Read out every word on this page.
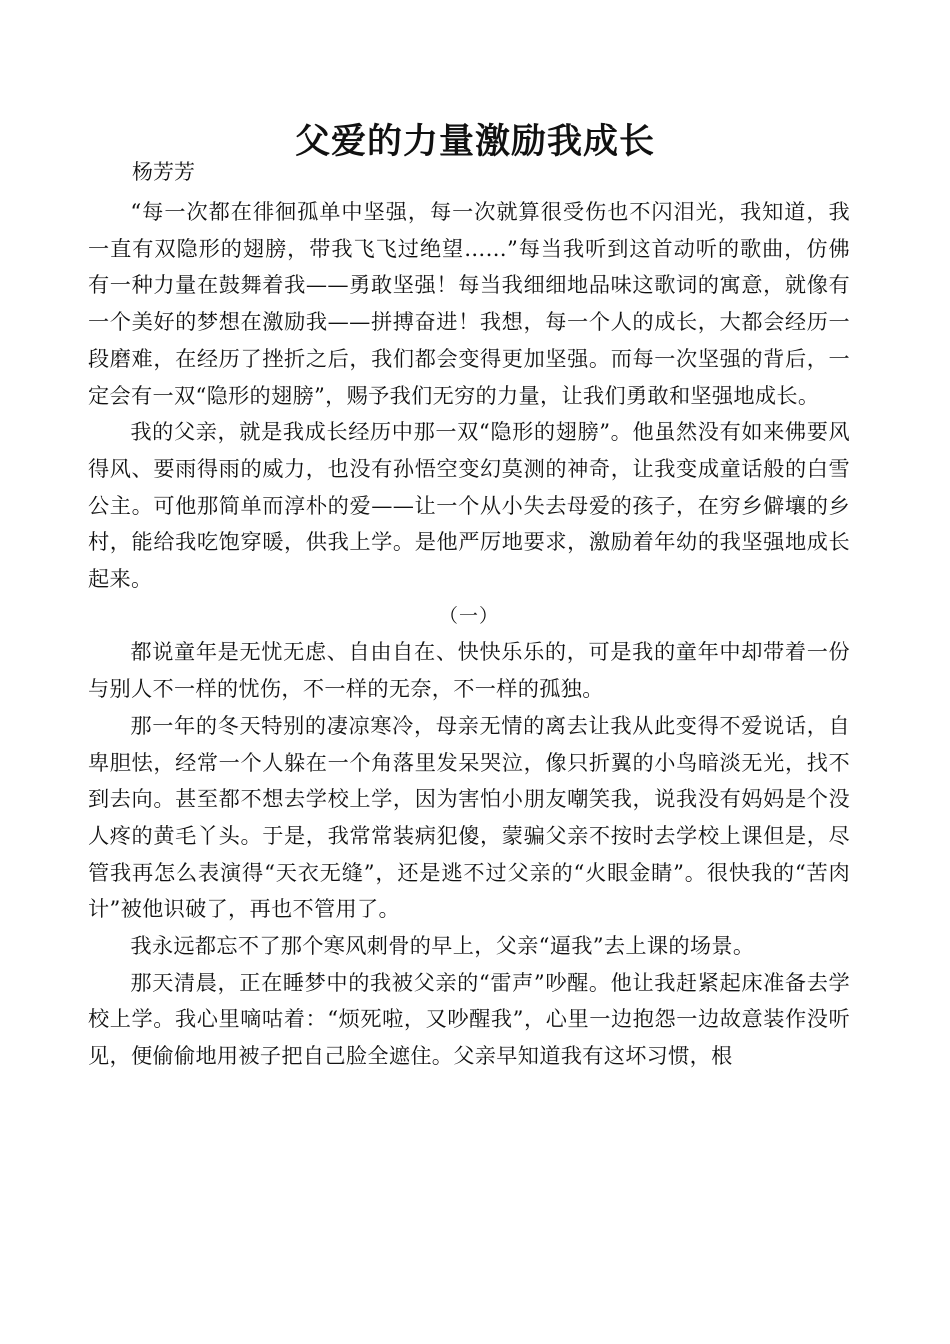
父爱的力量激励我成长

杨芳芳

“每一次都在徘徊孤单中坚强，每一次就算很受伤也不闪泪光，我知道，我一直有双隐形的翅膀，带我飞飞过绝望……”每当我听到这首动听的歌曲，仿佛有一种力量在鼓舞着我——勇敢坚强！每当我细细地品味这歌词的寓意，就像有一个美好的梦想在激励我——拼搏奋进！我想，每一个人的成长，大都会经历一段磨难，在经历了挫折之后，我们都会变得更加坚强。而每一次坚强的背后，一定会有一双“隐形的翅膀”，赐予我们无穷的力量，让我们勇敢和坚强地成长。

我的父亲，就是我成长经历中那一双“隐形的翅膀”。他虽然没有如来佛要风得风、要雨得雨的威力，也没有孙悟空变幻莫测的神奇，让我变成童话般的白雪公主。可他那简单而淳朴的爱——让一个从小失去母爱的孩子，在穷乡僻壤的乡村，能给我吃饱穿暖，供我上学。是他严厉地要求，激励着年幼的我坚强地成长起来。

（一）

都说童年是无忧无虑、自由自在、快快乐乐的，可是我的童年中却带着一份与别人不一样的忧伤，不一样的无奈，不一样的孤独。

那一年的冬天特别的凄凉寒冷，母亲无情的离去让我从此变得不爱说话，自卑胆怯，经常一个人躲在一个角落里发呆哭泣，像只折翼的小鸟暗淡无光，找不到去向。甚至都不想去学校上学，因为害怕小朋友嘲笑我，说我没有妈妈是个没人疼的黄毛丫头。于是，我常常装病犯傻，蒙骗父亲不按时去学校上课但是，尽管我再怎么表演得“天衣无缝”，还是逃不过父亲的“火眼金睛”。很快我的“苦肉计”被他识破了，再也不管用了。

我永远都忘不了那个寒风刺骨的早上，父亲“逼我”去上课的场景。

那天清晨，正在睡梦中的我被父亲的“雷声”吵醒。他让我赶紧起床准备去学校上学。我心里嘀咕着：“烦死啦，又吵醒我”，心里一边抱怨一边故意装作没听见，便偷偷地用被子把自己脸全遮住。父亲早知道我有这坏习惯，根
